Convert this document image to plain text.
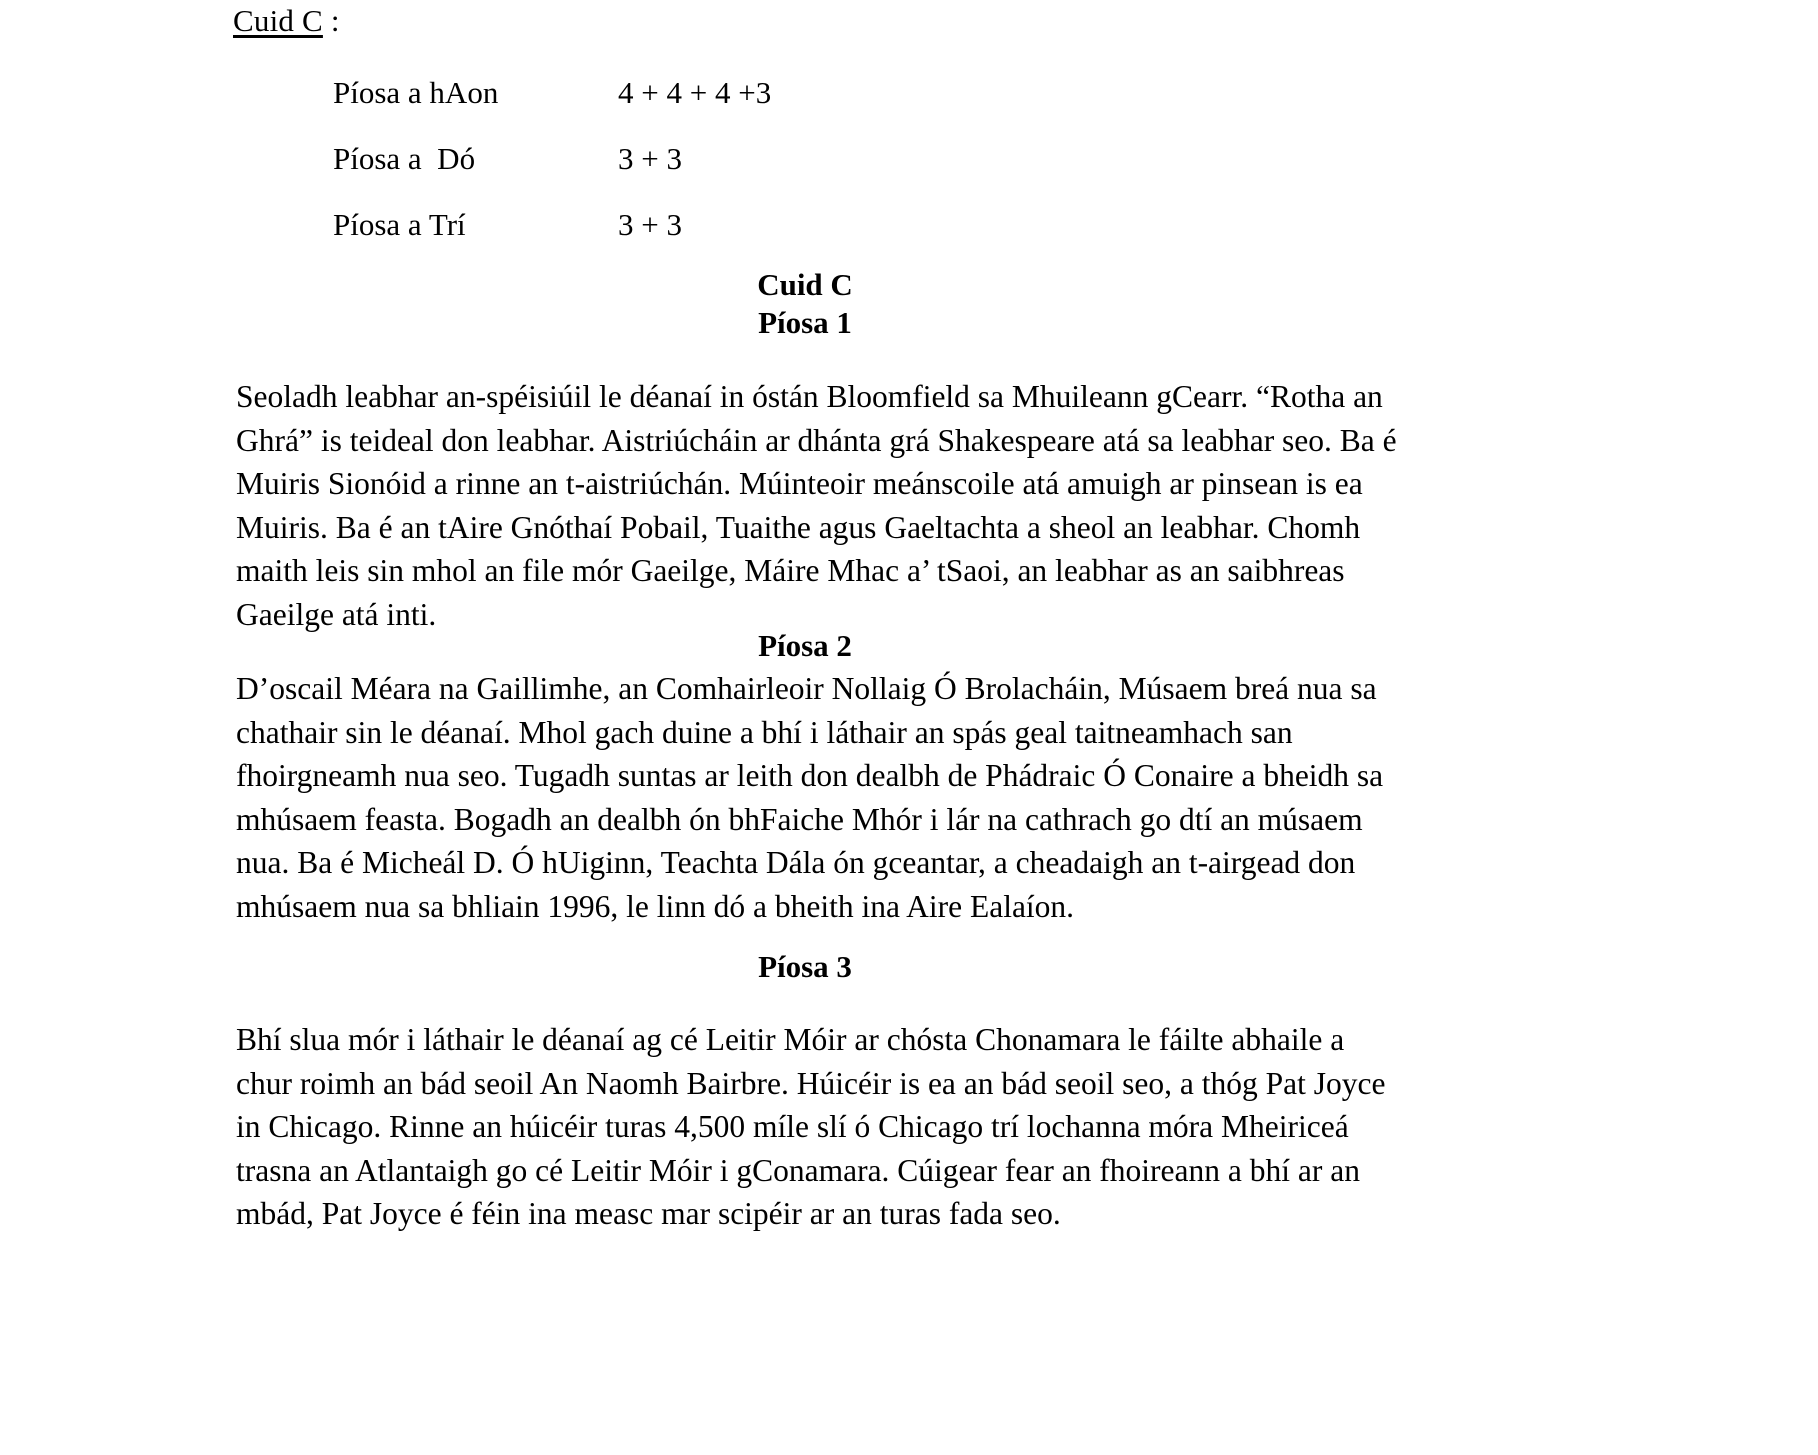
Cuid C :
Píosa a hAon	4 + 4 + 4 +3
Píosa a  Dó	3 + 3
Píosa a Trí	3 + 3
Cuid C
Píosa 1

Seoladh leabhar an-spéisiúil le déanaí in óstán Bloomfield sa Mhuileann gCearr. “Rotha an Ghrá” is teideal don leabhar. Aistriúcháin ar dhánta grá Shakespeare atá sa leabhar seo. Ba é Muiris Sionóid a rinne an t-aistriúchán. Múinteoir meánscoile atá amuigh ar pinsean is ea Muiris. Ba é an tAire Gnóthaí Pobail, Tuaithe agus Gaeltachta a sheol an leabhar. Chomh maith leis sin mhol an file mór Gaeilge, Máire Mhac a’ tSaoi, an leabhar as an saibhreas Gaeilge atá inti.

Píosa 2

D’oscail Méara na Gaillimhe, an Comhairleoir Nollaig Ó Brolacháin, Músaem breá nua sa chathair sin le déanaí. Mhol gach duine a bhí i láthair an spás geal taitneamhach san fhoirgneamh nua seo. Tugadh suntas ar leith don dealbh de Phádraic Ó Conaire a bheidh sa mhúsaem feasta. Bogadh an dealbh ón bhFaiche Mhór i lár na cathrach go dtí an músaem nua. Ba é Micheál D. Ó hUiginn, Teachta Dála ón gceantar, a cheadaigh an t-airgead don mhúsaem nua sa bhliain 1996, le linn dó a bheith ina Aire Ealaíon.

Píosa 3

Bhí slua mór i láthair le déanaí ag cé Leitir Móir ar chósta Chonamara le fáilte abhaile a chur roimh an bád seoil An Naomh Bairbre. Húicéir is ea an bád seoil seo, a thóg Pat Joyce in Chicago. Rinne an húicéir turas 4,500 míle slí ó Chicago trí lochanna móra Mheiriceá trasna an Atlantaigh go cé Leitir Móir i gConamara. Cúigear fear an fhoireann a bhí ar an mbád, Pat Joyce é féin ina measc mar scipéir ar an turas fada seo.
